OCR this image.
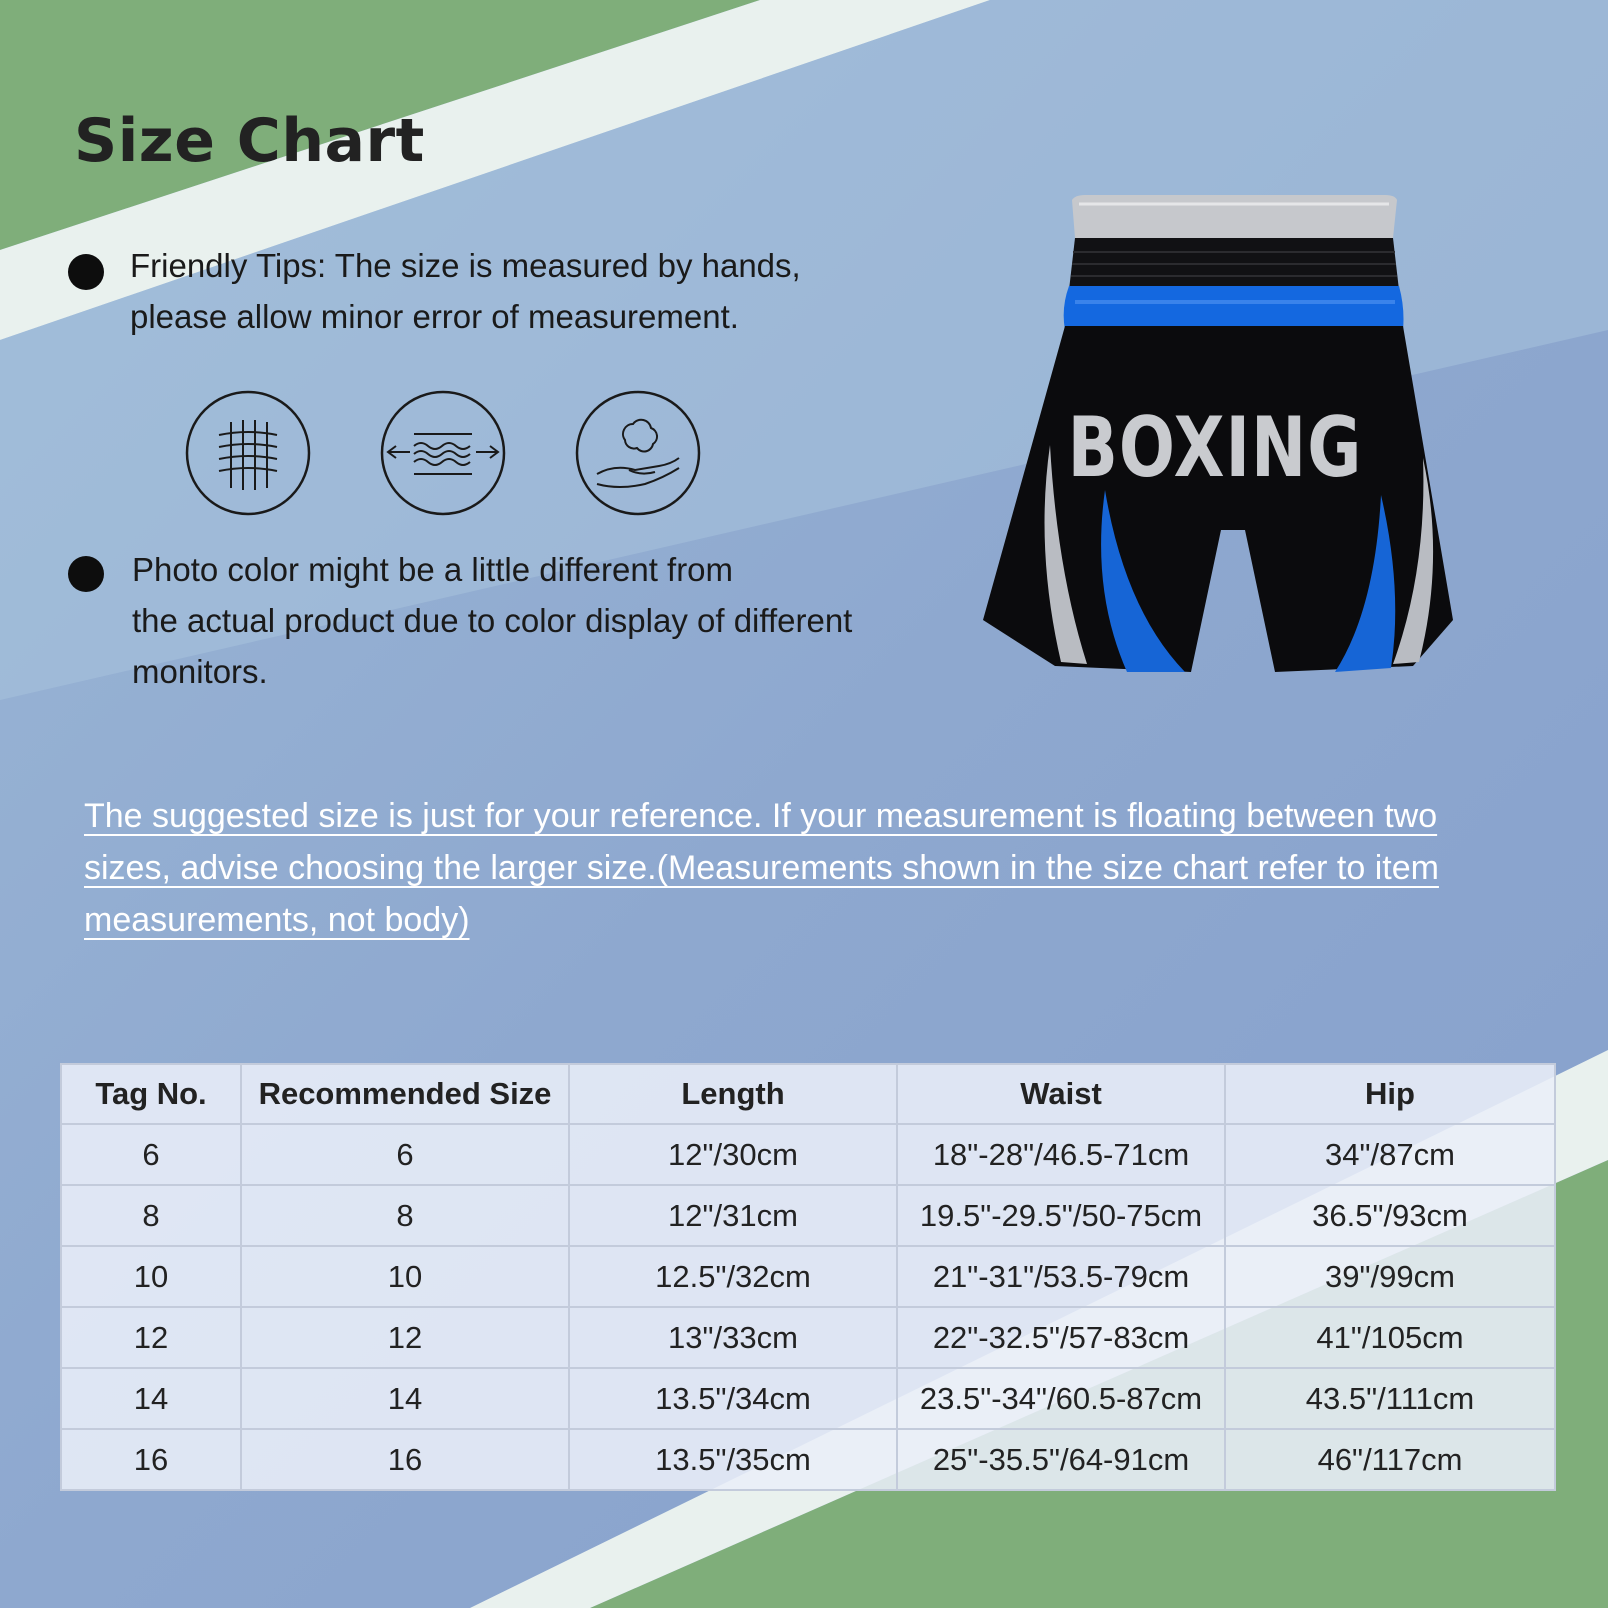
Size Chart

Friendly Tips: The size is measured by hands,
please allow minor error of measurement.

Photo color might be a little different from
the actual product due to color display of different
monitors.

BOXING

The suggested size is just for your reference. If your measurement is floating between two sizes, advise choosing the larger size.(Measurements shown in the size chart refer to item measurements, not body)

Tag No.	Recommended Size	Length	Waist	Hip
6	6	12"/30cm	18"-28"/46.5-71cm	34"/87cm
8	8	12"/31cm	19.5"-29.5"/50-75cm	36.5"/93cm
10	10	12.5"/32cm	21"-31"/53.5-79cm	39"/99cm
12	12	13"/33cm	22"-32.5"/57-83cm	41"/105cm
14	14	13.5"/34cm	23.5"-34"/60.5-87cm	43.5"/111cm
16	16	13.5"/35cm	25"-35.5"/64-91cm	46"/117cm
